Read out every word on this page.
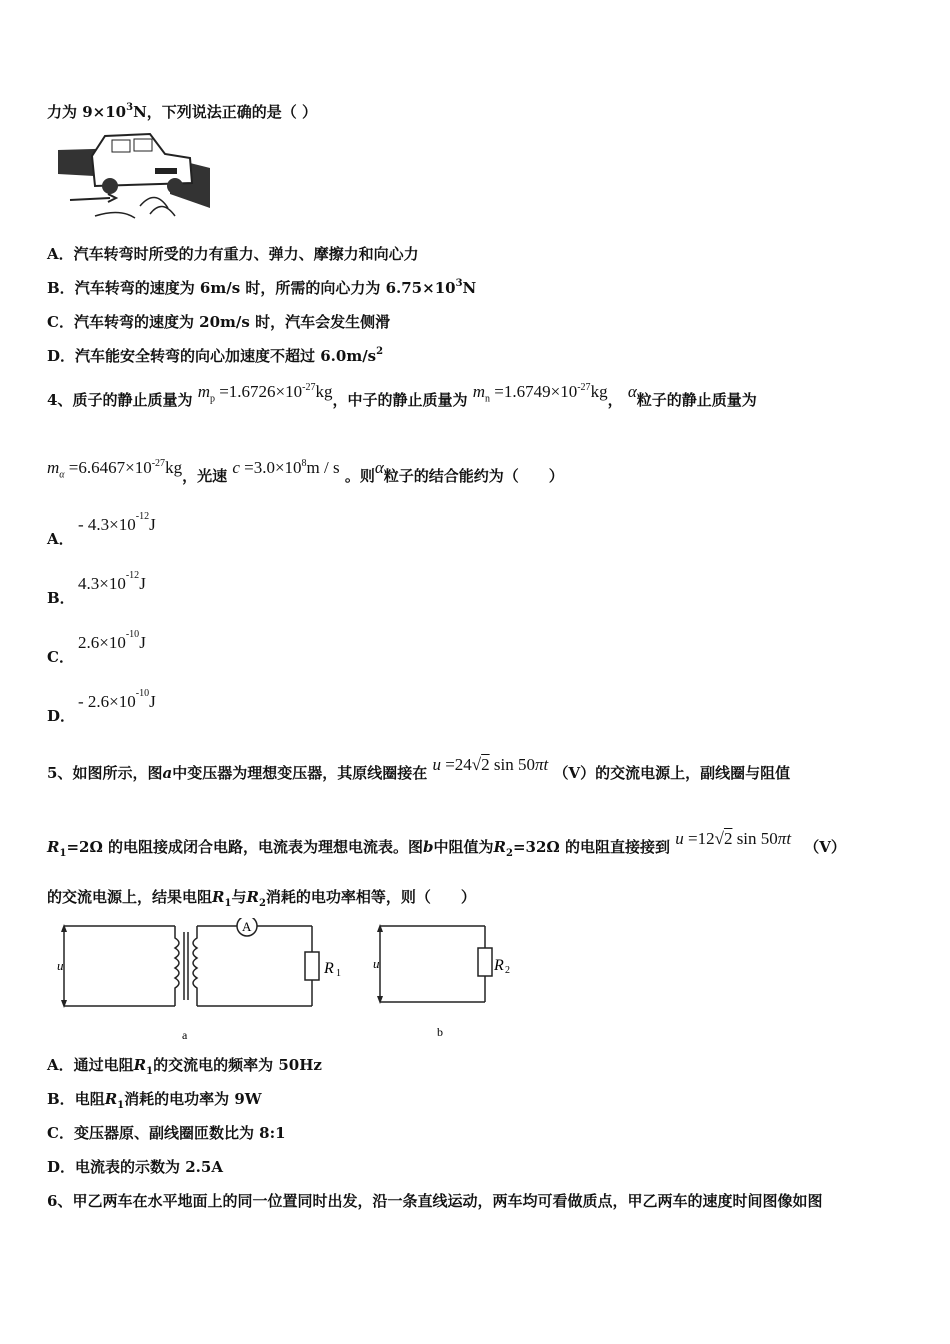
力为 $9\times 10^3N$，下列说法正确的是（ ）
A．汽车转弯时所受的力有重力、弹力、摩擦力和向心力
B．汽车转弯的速度为 6m/s 时，所需的向心力为 $6.75\times 10^3N$
C．汽车转弯的速度为 20m/s 时，汽车会发生侧滑
D．汽车能安全转弯的向心加速度不超过 $6.0m/s^2$
4、质子的静止质量为 $m_p =1.6726\times 10^{-27}kg$，中子的静止质量为 $m_n =1.6749\times 10^{-27}kg$， α粒子的静止质量为
$m_\alpha =6.6467\times 10^{-27}kg$，光速 $c =3.0\times 10^8m / s$ 。则α粒子的结合能约为（　　）
A．
- $4.3\times 10^{-12}J$
B．
$4.3\times 10^{-12}J$
C．
$2.6\times 10^{-10}J$
D．
- $2.6\times 10^{-10}J$
5、如图所示，图a中变压器为理想变压器，其原线圈接在 u =24√2 sin 50πt （V）的交流电源上，副线圈与阻值
$R_1=2\Omega$ 的电阻接成闭合电路，电流表为理想电流表。图b中阻值为$R_2=32\Omega$ 的电阻直接接到 u =12√2 sin 50πt （V）
的交流电源上，结果电阻$R_1$与$R_2$消耗的电功率相等，则（　　）
u
A
R 1
u	R 2
a	b
A．通过电阻$R_1$的交流电的频率为 50Hz
B．电阻$R_1$消耗的电功率为 9W
C．变压器原、副线圈匝数比为 8:1
D．电流表的示数为 2.5A
6、甲乙两车在水平地面上的同一位置同时出发，沿一条直线运动，两车均可看做质点，甲乙两车的速度时间图像如图
